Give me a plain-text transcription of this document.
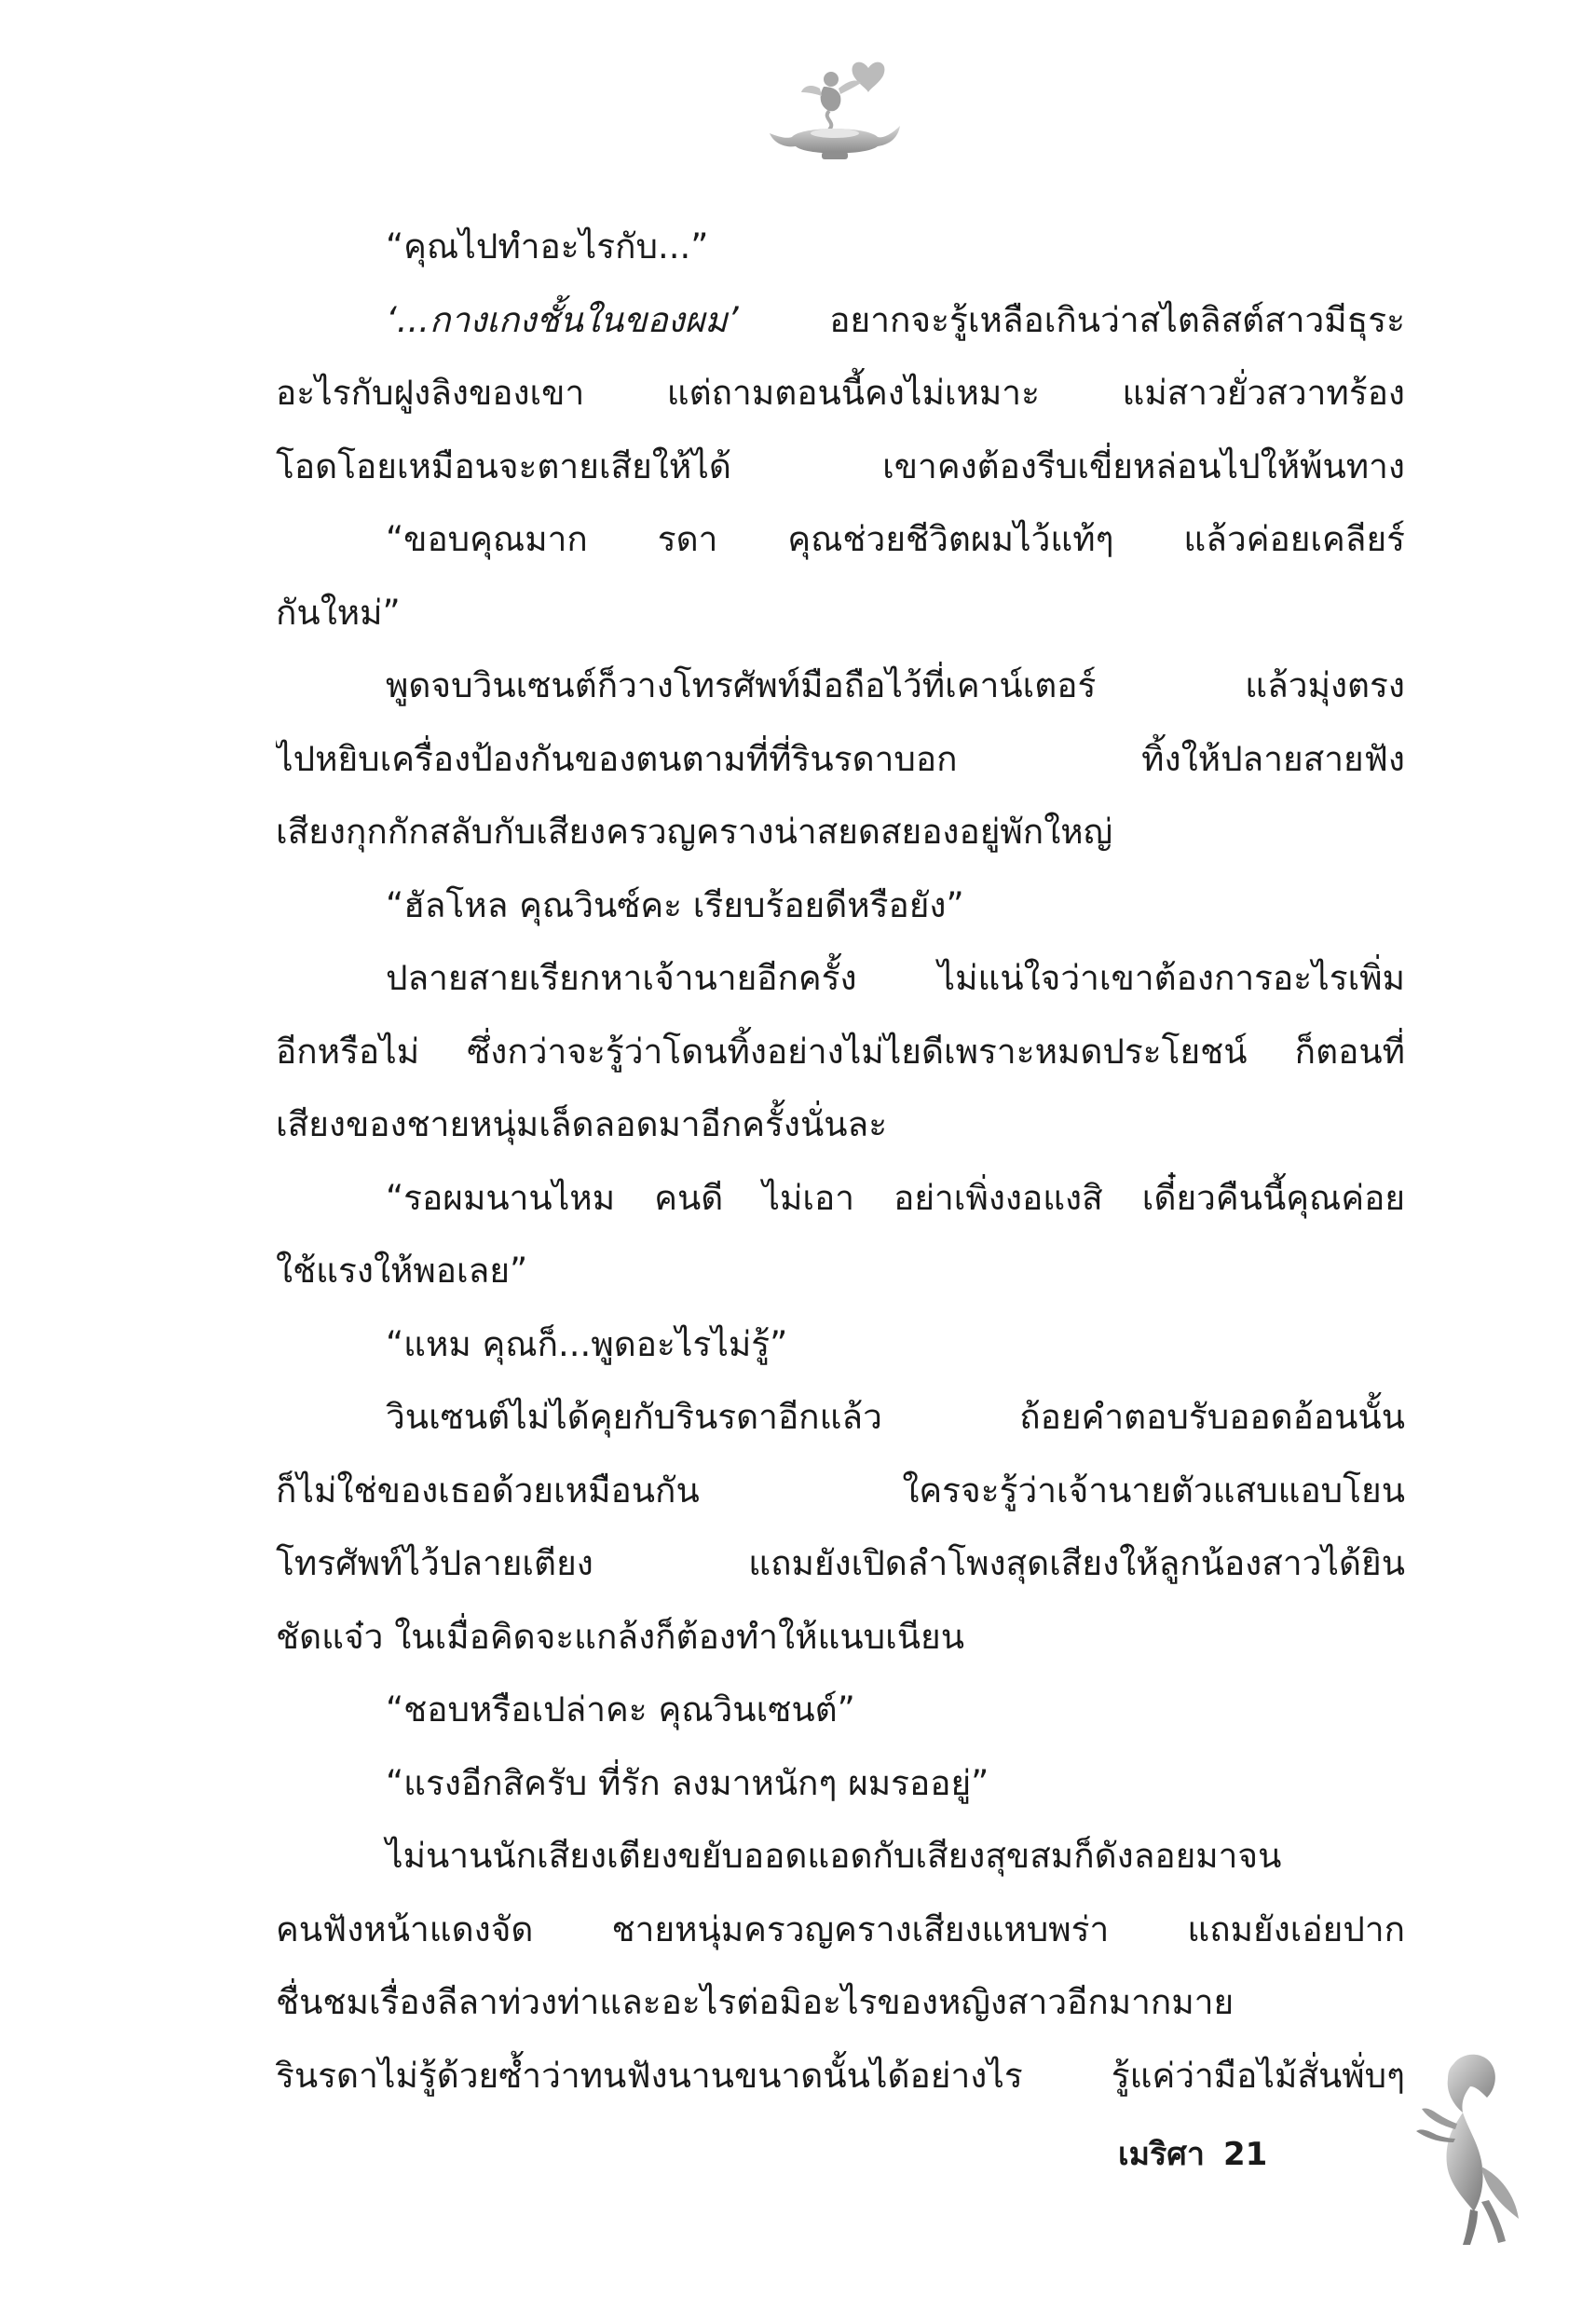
“คุณไปทำอะไรกับ...”
‘...กางเกงชั้นในของผม’ อยากจะรู้เหลือเกินว่าสไตลิสต์สาวมีธุระ
อะไรกับฝูงลิงของเขา แต่ถามตอนนี้คงไม่เหมาะ แม่สาวยั่วสวาทร้อง
โอดโอยเหมือนจะตายเสียให้ได้ เขาคงต้องรีบเขี่ยหล่อนไปให้พ้นทาง
“ขอบคุณมาก รดา คุณช่วยชีวิตผมไว้แท้ๆ แล้วค่อยเคลียร์
กันใหม่”
พูดจบวินเซนต์ก็วางโทรศัพท์มือถือไว้ที่เคาน์เตอร์ แล้วมุ่งตรง
ไปหยิบเครื่องป้องกันของตนตามที่ที่รินรดาบอก ทิ้งให้ปลายสายฟัง
เสียงกุกกักสลับกับเสียงครวญครางน่าสยดสยองอยู่พักใหญ่
“ฮัลโหล คุณวินซ์คะ เรียบร้อยดีหรือยัง”
ปลายสายเรียกหาเจ้านายอีกครั้ง ไม่แน่ใจว่าเขาต้องการอะไรเพิ่ม
อีกหรือไม่ ซึ่งกว่าจะรู้ว่าโดนทิ้งอย่างไม่ไยดีเพราะหมดประโยชน์ ก็ตอนที่
เสียงของชายหนุ่มเล็ดลอดมาอีกครั้งนั่นละ
“รอผมนานไหม คนดี ไม่เอา อย่าเพิ่งงอแงสิ เดี๋ยวคืนนี้คุณค่อย
ใช้แรงให้พอเลย”
“แหม คุณก็...พูดอะไรไม่รู้”
วินเซนต์ไม่ได้คุยกับรินรดาอีกแล้ว ถ้อยคำตอบรับออดอ้อนนั้น
ก็ไม่ใช่ของเธอด้วยเหมือนกัน ใครจะรู้ว่าเจ้านายตัวแสบแอบโยน
โทรศัพท์ไว้ปลายเตียง แถมยังเปิดลำโพงสุดเสียงให้ลูกน้องสาวได้ยิน
ชัดแจ๋ว ในเมื่อคิดจะแกล้งก็ต้องทำให้แนบเนียน
“ชอบหรือเปล่าคะ คุณวินเซนต์”
“แรงอีกสิครับ ที่รัก ลงมาหนักๆ ผมรออยู่”
ไม่นานนักเสียงเตียงขยับออดแอดกับเสียงสุขสมก็ดังลอยมาจน
คนฟังหน้าแดงจัด ชายหนุ่มครวญครางเสียงแหบพร่า แถมยังเอ่ยปาก
ชื่นชมเรื่องลีลาท่วงท่าและอะไรต่อมิอะไรของหญิงสาวอีกมากมาย
รินรดาไม่รู้ด้วยซ้ำว่าทนฟังนานขนาดนั้นได้อย่างไร รู้แค่ว่ามือไม้สั่นพั่บๆ
เมริศา 21
